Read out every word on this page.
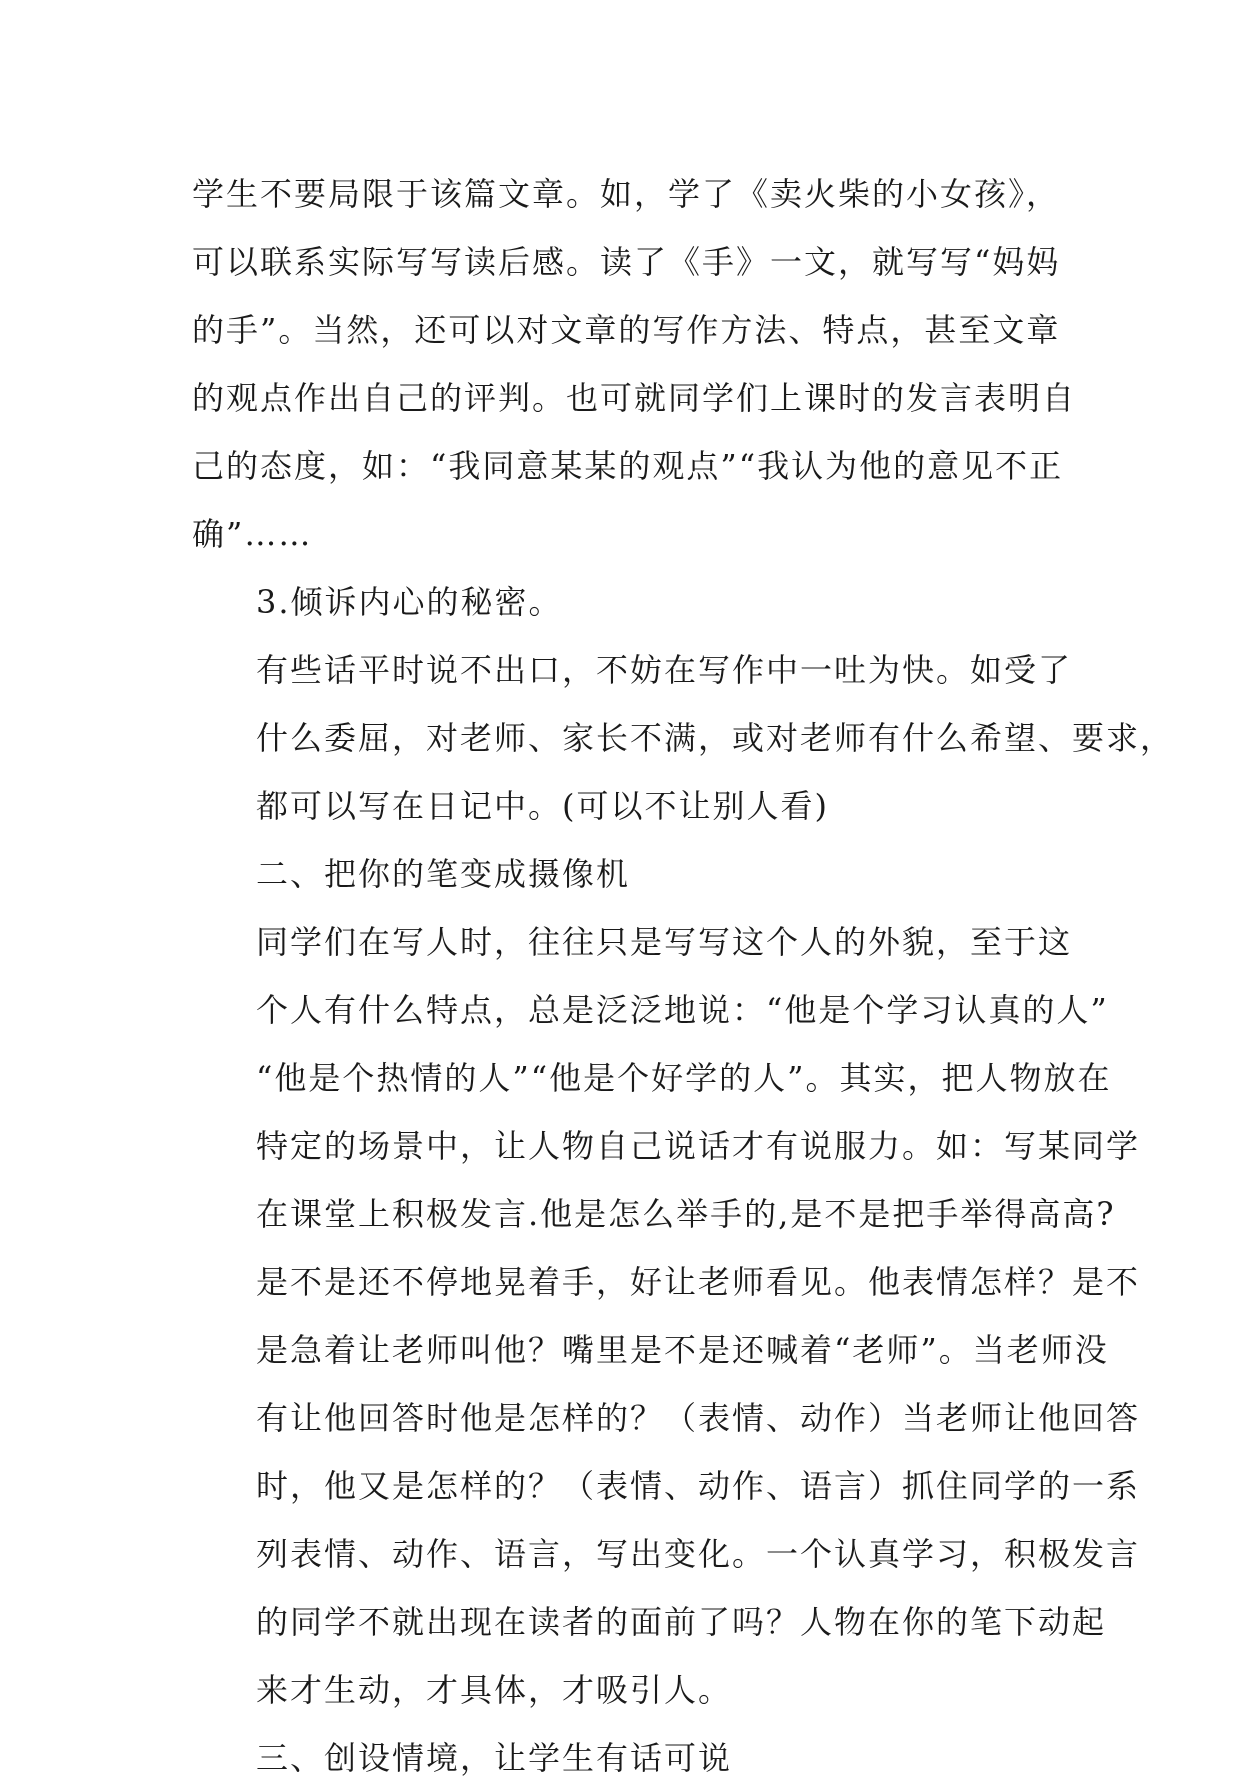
学生不要局限于该篇文章。如，学了《卖火柴的小女孩》，
可以联系实际写写读后感。读了《手》一文，就写写“妈妈
的手”。当然，还可以对文章的写作方法、特点，甚至文章
的观点作出自己的评判。也可就同学们上课时的发言表明自
己的态度，如：“我同意某某的观点”“我认为他的意见不正
确”……

3.倾诉内心的秘密。

有些话平时说不出口，不妨在写作中一吐为快。如受了
什么委屈，对老师、家长不满，或对老师有什么希望、要求，
都可以写在日记中。(可以不让别人看)

二、把你的笔变成摄像机

同学们在写人时，往往只是写写这个人的外貌，至于这
个人有什么特点，总是泛泛地说：“他是个学习认真的人”
“他是个热情的人”“他是个好学的人”。其实，把人物放在
特定的场景中，让人物自己说话才有说服力。如：写某同学
在课堂上积极发言.他是怎么举手的,是不是把手举得高高?
是不是还不停地晃着手，好让老师看见。他表情怎样？是不
是急着让老师叫他？嘴里是不是还喊着“老师”。当老师没
有让他回答时他是怎样的？（表情、动作）当老师让他回答
时，他又是怎样的？（表情、动作、语言）抓住同学的一系
列表情、动作、语言，写出变化。一个认真学习，积极发言
的同学不就出现在读者的面前了吗？人物在你的笔下动起
来才生动，才具体，才吸引人。

三、创设情境，让学生有话可说
